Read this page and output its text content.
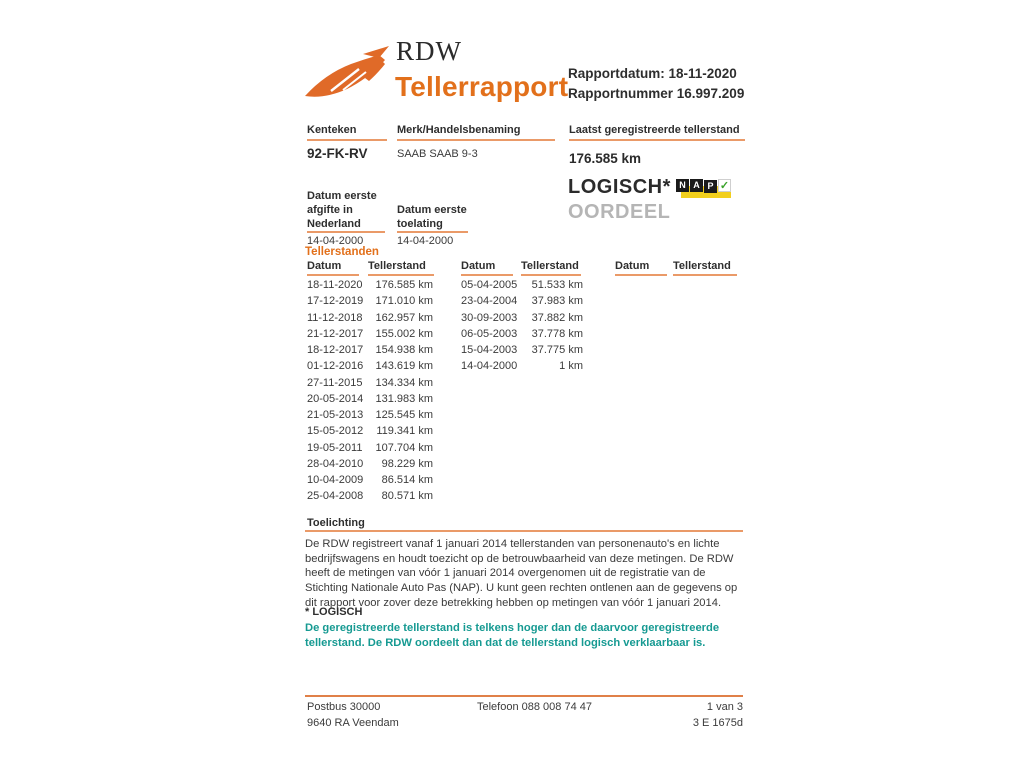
RDW
Tellerrapport Rapportdatum: 18-11-2020
Rapportnummer 16.997.209
Kenteken	Merk/Handelsbenaming	Laatst geregistreerde tellerstand
92-FK-RV	SAAB SAAB 9-3	176.585 km
LOGISCH* N A P ✓
OORDEEL
Datum eerste afgifte in Nederland
Datum eerste toelating
14-04-2000	14-04-2000
Tellerstanden
Datum Tellerstand	Datum Tellerstand	Datum Tellerstand
18-11-2020	176.585 km
17-12-2019	171.010 km
11-12-2018	162.957 km
21-12-2017	155.002 km
18-12-2017	154.938 km
01-12-2016	143.619 km
27-11-2015	134.334 km
20-05-2014	131.983 km
21-05-2013	125.545 km
15-05-2012	119.341 km
19-05-2011	107.704 km
28-04-2010	98.229 km
10-04-2009	86.514 km
25-04-2008	80.571 km
05-04-2005	51.533 km
23-04-2004	37.983 km
30-09-2003	37.882 km
06-05-2003	37.778 km
15-04-2003	37.775 km
14-04-2000	1 km
Toelichting
De RDW registreert vanaf 1 januari 2014 tellerstanden van personenauto's en lichte bedrijfswagens en houdt toezicht op de betrouwbaarheid van deze metingen. De RDW heeft de metingen van vóór 1 januari 2014 overgenomen uit de registratie van de Stichting Nationale Auto Pas (NAP). U kunt geen rechten ontlenen aan de gegevens op dit rapport voor zover deze betrekking hebben op metingen van vóór 1 januari 2014.
* LOGISCH
De geregistreerde tellerstand is telkens hoger dan de daarvoor geregistreerde tellerstand. De RDW oordeelt dan dat de tellerstand logisch verklaarbaar is.
Postbus 30000
9640 RA Veendam
Telefoon 088 008 74 47	1 van 3
3 E 1675d
